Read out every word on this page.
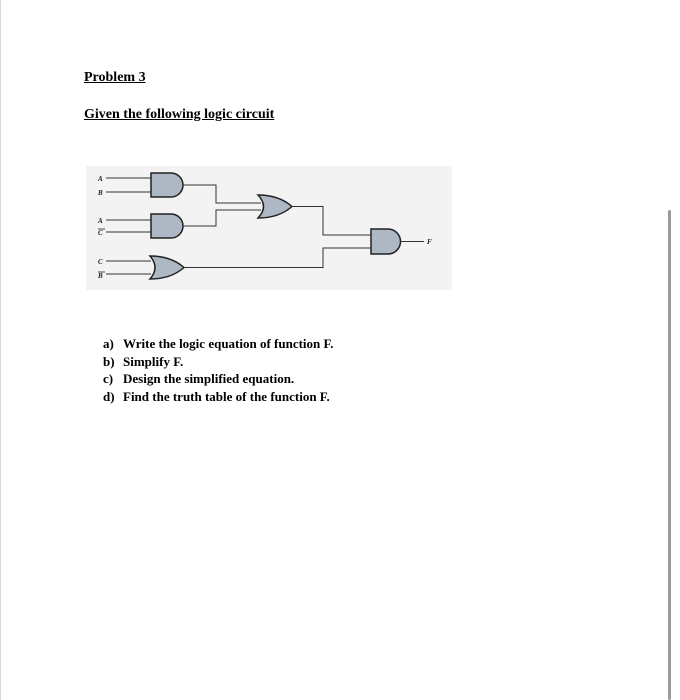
Problem 3
Given the following logic circuit
A
B
A
C
C
B
F
a) Write the logic equation of function F.
b) Simplify F.
c) Design the simplified equation.
d) Find the truth table of the function F.
